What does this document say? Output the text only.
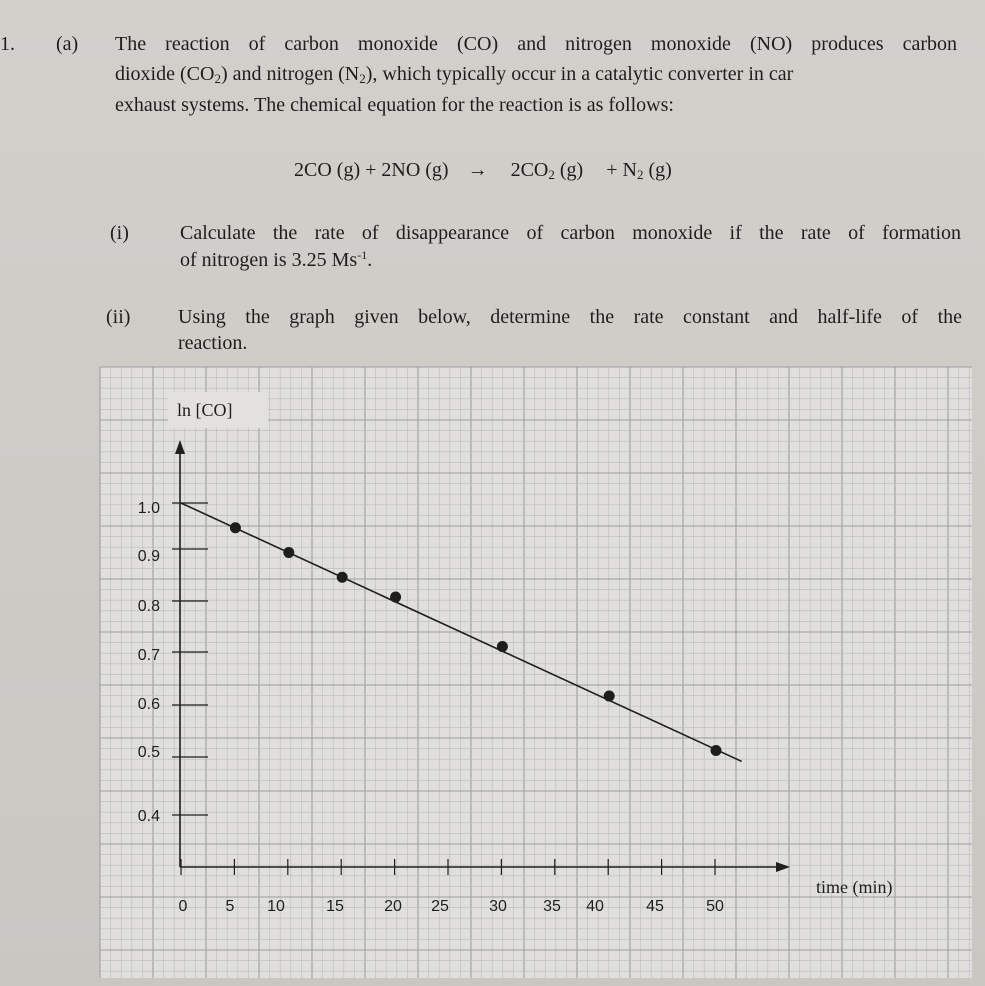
1. (a) The reaction of carbon monoxide (CO) and nitrogen monoxide (NO) produces carbon
dioxide $(CO_2)$ and nitrogen $(N_2)$, which typically occur in a catalytic converter in car
exhaust systems. The chemical equation for the reaction is as follows:
2CO (g) + 2NO $(g) \to 2CO_2$ $(g) + N_2$ (g)
(i)	Calculate the rate of disappearance of carbon monoxide if the rate of formation
of nitrogen is 3.25 $Ms^{-1}$.
(ii) Using the graph given below, determine the rate constant and half-life of the
reaction.
0 5 10	15	20 25	30 35 40	45	50
1.0
0.9
0.8
0.7
0.6
0.5
0.4
ln [CO]
time (min)
